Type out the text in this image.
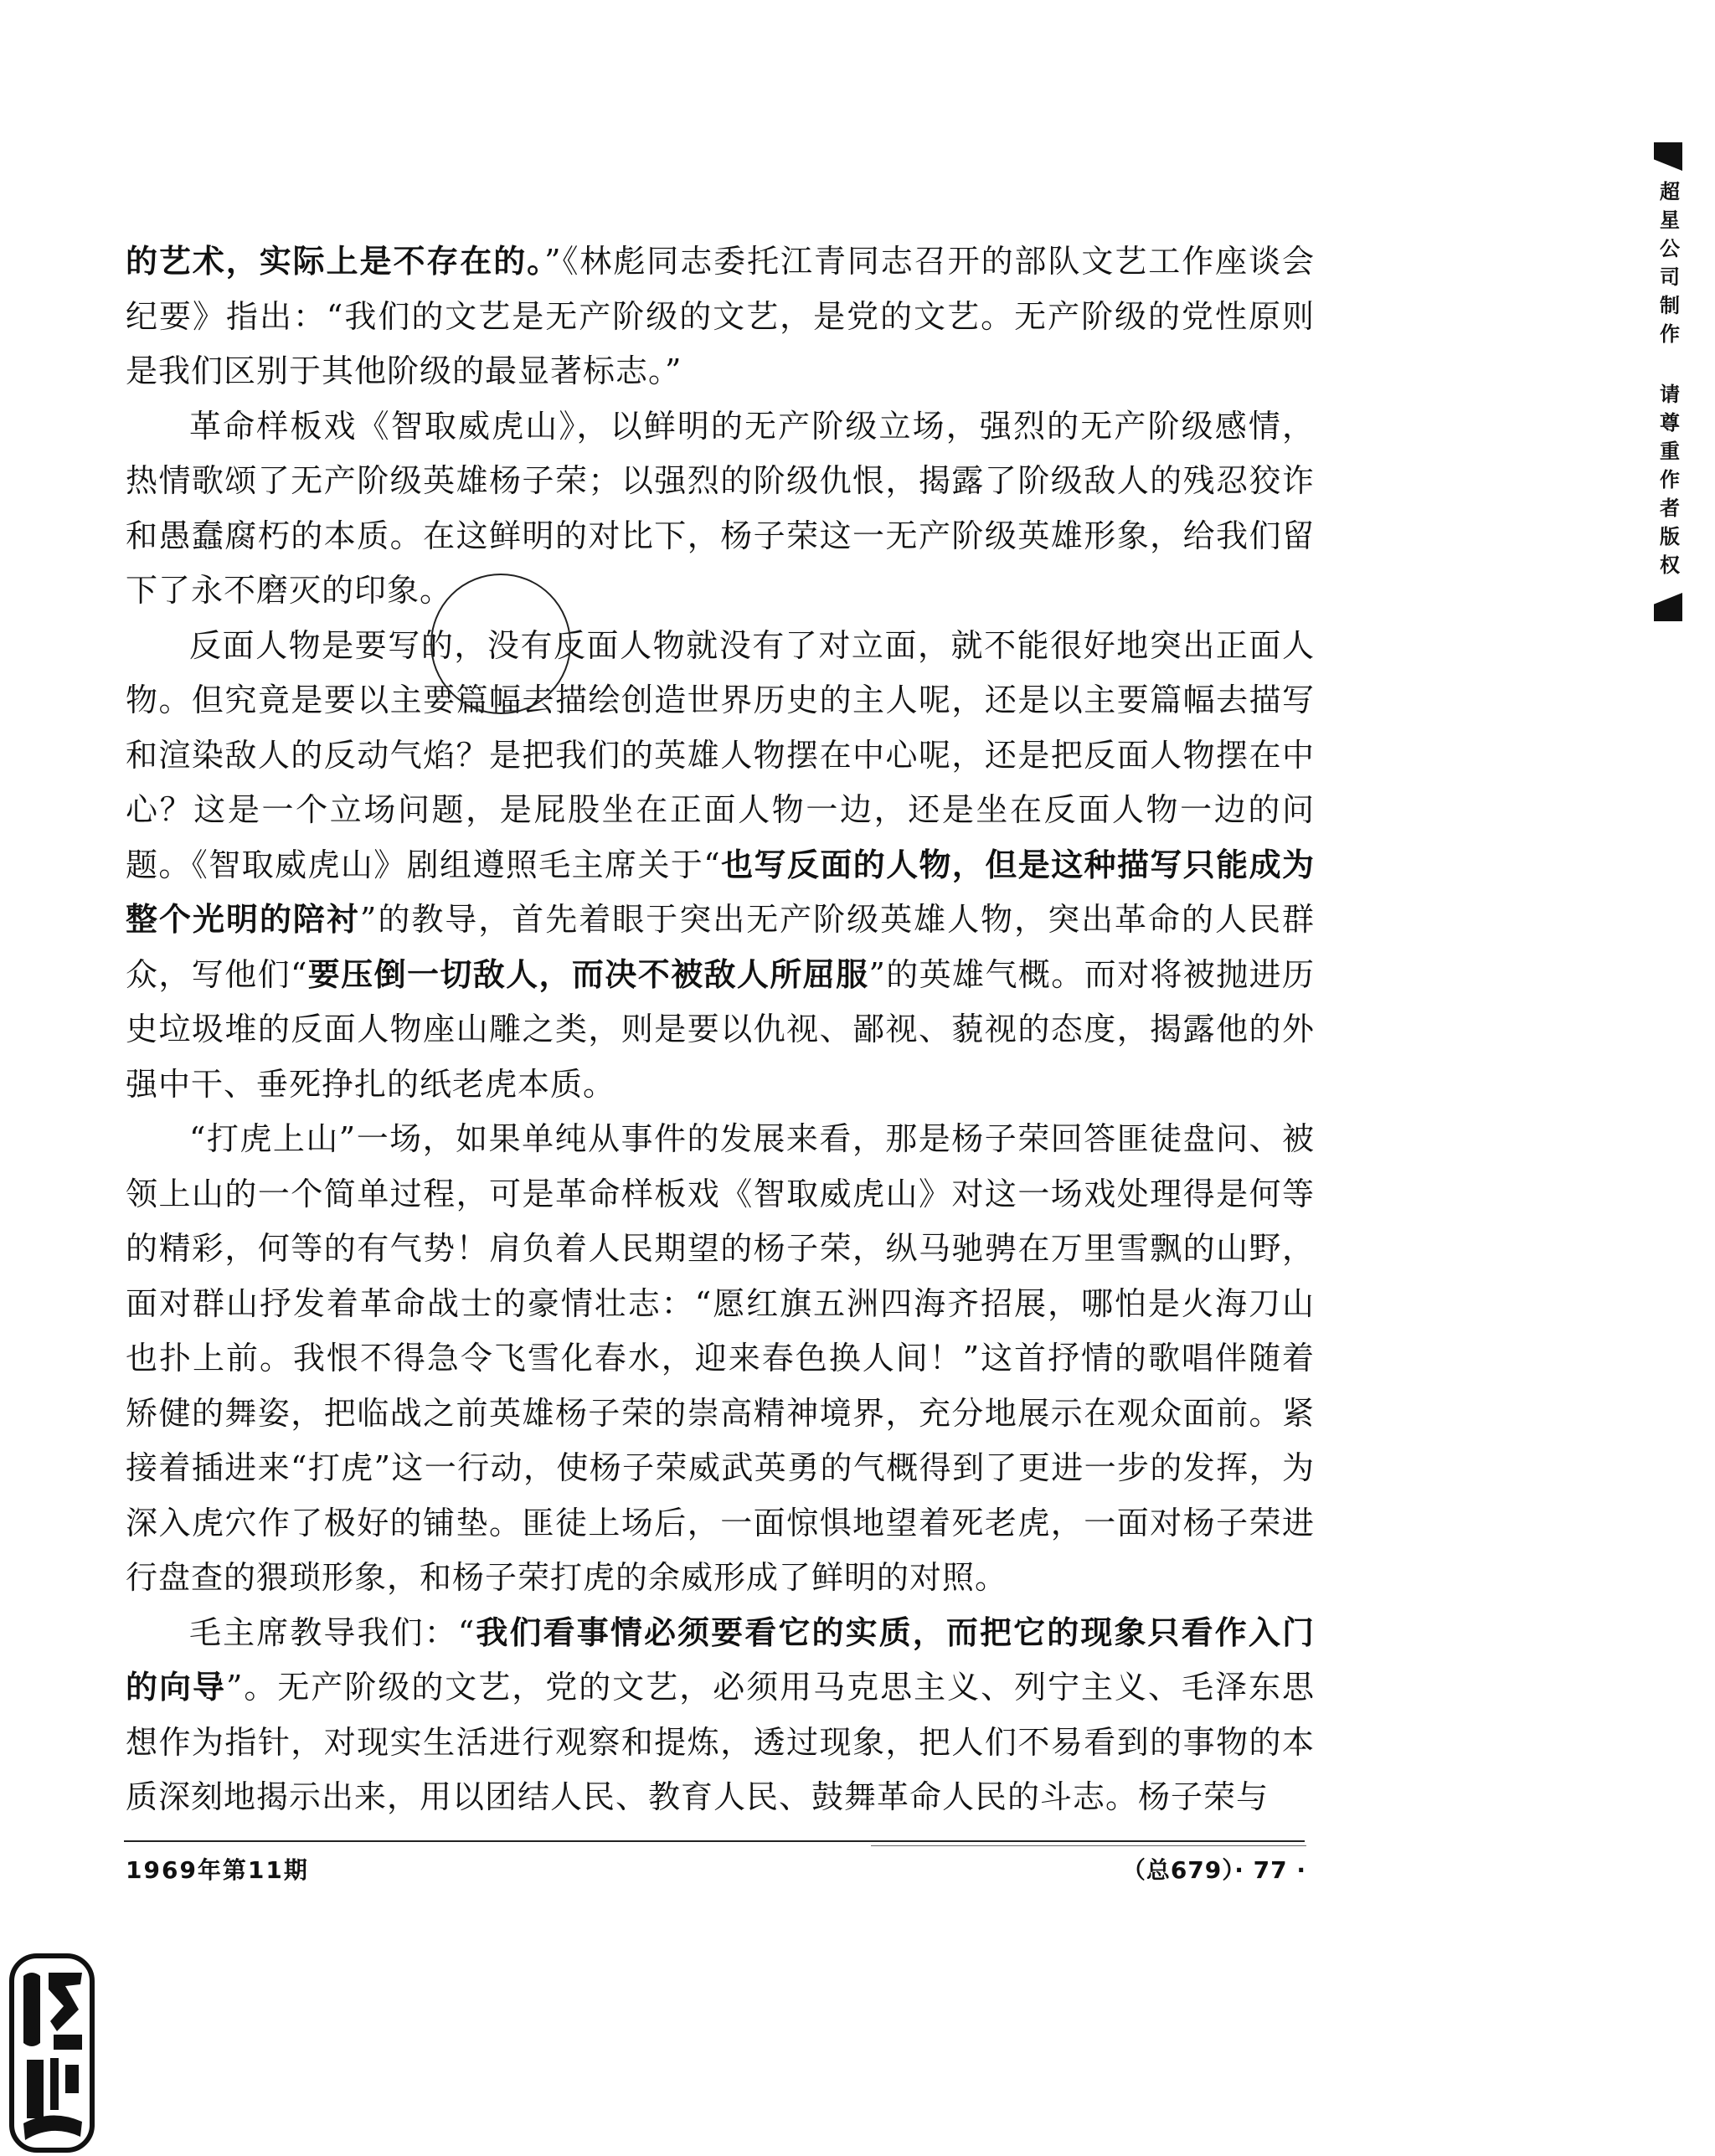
的艺术，实际上是不存在的。”《林彪同志委托江青同志召开的部队文艺工作座谈会纪要》指出：“我们的文艺是无产阶级的文艺，是党的文艺。无产阶级的党性原则是我们区别于其他阶级的最显著标志。”

革命样板戏《智取威虎山》，以鲜明的无产阶级立场，强烈的无产阶级感情，热情歌颂了无产阶级英雄杨子荣；以强烈的阶级仇恨，揭露了阶级敌人的残忍狡诈和愚蠢腐朽的本质。在这鲜明的对比下，杨子荣这一无产阶级英雄形象，给我们留下了永不磨灭的印象。

反面人物是要写的，没有反面人物就没有了对立面，就不能很好地突出正面人物。但究竟是要以主要篇幅去描绘创造世界历史的主人呢，还是以主要篇幅去描写和渲染敌人的反动气焰？是把我们的英雄人物摆在中心呢，还是把反面人物摆在中心？这是一个立场问题，是屁股坐在正面人物一边，还是坐在反面人物一边的问题。《智取威虎山》剧组遵照毛主席关于“也写反面的人物，但是这种描写只能成为整个光明的陪衬”的教导，首先着眼于突出无产阶级英雄人物，突出革命的人民群众，写他们“要压倒一切敌人，而决不被敌人所屈服”的英雄气概。而对将被抛进历史垃圾堆的反面人物座山雕之类，则是要以仇视、鄙视、藐视的态度，揭露他的外强中干、垂死挣扎的纸老虎本质。

“打虎上山”一场，如果单纯从事件的发展来看，那是杨子荣回答匪徒盘问、被领上山的一个简单过程，可是革命样板戏《智取威虎山》对这一场戏处理得是何等的精彩，何等的有气势！肩负着人民期望的杨子荣，纵马驰骋在万里雪飘的山野，面对群山抒发着革命战士的豪情壮志：“愿红旗五洲四海齐招展，哪怕是火海刀山也扑上前。我恨不得急令飞雪化春水，迎来春色换人间！”这首抒情的歌唱伴随着矫健的舞姿，把临战之前英雄杨子荣的崇高精神境界，充分地展示在观众面前。紧接着插进来“打虎”这一行动，使杨子荣威武英勇的气概得到了更进一步的发挥，为深入虎穴作了极好的铺垫。匪徒上场后，一面惊惧地望着死老虎，一面对杨子荣进行盘查的猥琐形象，和杨子荣打虎的余威形成了鲜明的对照。

毛主席教导我们：“我们看事情必须要看它的实质，而把它的现象只看作入门的向导”。无产阶级的文艺，党的文艺，必须用马克思主义、列宁主义、毛泽东思想作为指针，对现实生活进行观察和提炼，透过现象，把人们不易看到的事物的本质深刻地揭示出来，用以团结人民、教育人民、鼓舞革命人民的斗志。杨子荣与

1969年第11期	（总679）· 77 ·
超星公司制作 请尊重作者版权
